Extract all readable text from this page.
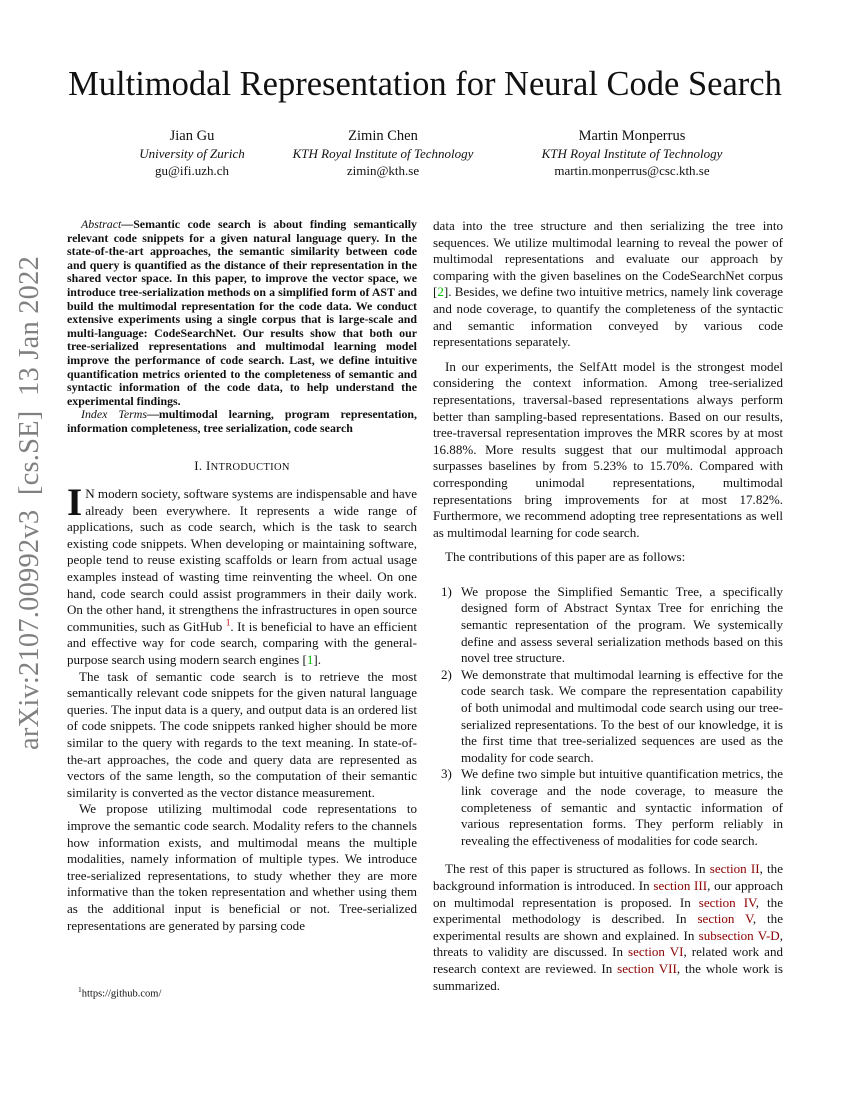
arXiv:2107.00992v3  [cs.SE]  13 Jan 2022
Multimodal Representation for Neural Code Search
Jian Gu
University of Zurich
gu@ifi.uzh.ch
Zimin Chen
KTH Royal Institute of Technology
zimin@kth.se
Martin Monperrus
KTH Royal Institute of Technology
martin.monperrus@csc.kth.se

Abstract—Semantic code search is about finding semantically relevant code snippets for a given natural language query. In the state-of-the-art approaches, the semantic similarity between code and query is quantified as the distance of their representation in the shared vector space. In this paper, to improve the vector space, we introduce tree-serialization methods on a simplified form of AST and build the multimodal representation for the code data. We conduct extensive experiments using a single corpus that is large-scale and multi-language: CodeSearchNet. Our results show that both our tree-serialized representations and multimodal learning model improve the performance of code search. Last, we define intuitive quantification metrics oriented to the completeness of semantic and syntactic information of the code data, to help understand the experimental findings.

Index Terms—multimodal learning, program representation, information completeness, tree serialization, code search

I. INTRODUCTION

I N modern society, software systems are indispensable and have already been everywhere. It represents a wide range of applications, such as code search, which is the task to search existing code snippets. When developing or maintaining software, people tend to reuse existing scaffolds or learn from actual usage examples instead of wasting time reinventing the wheel. On one hand, code search could assist programmers in their daily work. On the other hand, it strengthens the infrastructures in open source communities, such as GitHub $^1$. It is beneficial to have an efficient and effective way for code search, comparing with the general-purpose search using modern search engines [1].

The task of semantic code search is to retrieve the most semantically relevant code snippets for the given natural language queries. The input data is a query, and output data is an ordered list of code snippets. The code snippets ranked higher should be more similar to the query with regards to the text meaning. In state-of-the-art approaches, the code and query data are represented as vectors of the same length, so the computation of their semantic similarity is converted as the vector distance measurement.

We propose utilizing multimodal code representations to improve the semantic code search. Modality refers to the channels how information exists, and multimodal means the multiple modalities, namely information of multiple types. We introduce tree-serialized representations, to study whether they are more informative than the token representation and whether using them as the additional input is beneficial or not. Tree-serialized representations are generated by parsing code

$^1$https://github.com/

data into the tree structure and then serializing the tree into sequences. We utilize multimodal learning to reveal the power of multimodal representations and evaluate our approach by comparing with the given baselines on the CodeSearchNet corpus [2]. Besides, we define two intuitive metrics, namely link coverage and node coverage, to quantify the completeness of the syntactic and semantic information conveyed by various code representations separately.

In our experiments, the SelfAtt model is the strongest model considering the context information. Among tree-serialized representations, traversal-based representations always perform better than sampling-based representations. Based on our results, tree-traversal representation improves the MRR scores by at most 16.88%. More results suggest that our multimodal approach surpasses baselines by from 5.23% to 15.70%. Compared with corresponding unimodal representations, multimodal representations bring improvements for at most 17.82%. Furthermore, we recommend adopting tree representations as well as multimodal learning for code search.

The contributions of this paper are as follows:

1) We propose the Simplified Semantic Tree, a specifically designed form of Abstract Syntax Tree for enriching the semantic representation of the program. We systemically define and assess several serialization methods based on this novel tree structure.
2) We demonstrate that multimodal learning is effective for the code search task. We compare the representation capability of both unimodal and multimodal code search using our tree-serialized representations. To the best of our knowledge, it is the first time that tree-serialized sequences are used as the modality for code search.
3) We define two simple but intuitive quantification metrics, the link coverage and the node coverage, to measure the completeness of semantic and syntactic information of various representation forms. They perform reliably in revealing the effectiveness of modalities for code search.

The rest of this paper is structured as follows. In section II, the background information is introduced. In section III, our approach on multimodal representation is proposed. In section IV, the experimental methodology is described. In section V, the experimental results are shown and explained. In subsection V-D, threats to validity are discussed. In section VI, related work and research context are reviewed. In section VII, the whole work is summarized.
